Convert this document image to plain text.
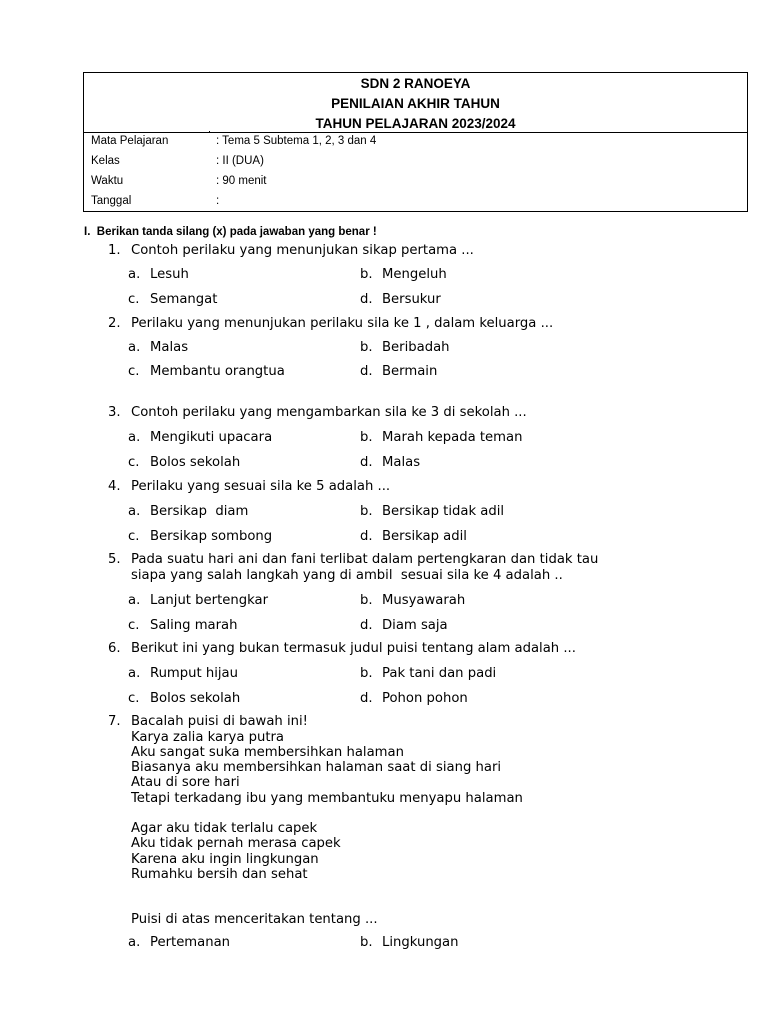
SDN 2 RANOEYA
PENILAIAN AKHIR TAHUN
TAHUN PELAJARAN 2023/2024
Mata Pelajaran	: Tema 5 Subtema 1, 2, 3 dan 4
Kelas	: II (DUA)
Waktu	: 90 menit
Tanggal	:
I. Berikan tanda silang (x) pada jawaban yang benar !
1. Contoh perilaku yang menunjukan sikap pertama ...
a. Lesuh	b. Mengeluh
c. Semangat	d. Bersukur
2. Perilaku yang menunjukan perilaku sila ke 1 , dalam keluarga ...
a. Malas	b. Beribadah
c. Membantu orangtua	d. Bermain
3. Contoh perilaku yang mengambarkan sila ke 3 di sekolah ...
a. Mengikuti upacara	b. Marah kepada teman
c. Bolos sekolah	d. Malas
4. Perilaku yang sesuai sila ke 5 adalah ...
a. Bersikap  diam	b. Bersikap tidak adil
c. Bersikap sombong	d. Bersikap adil
5. Pada suatu hari ani dan fani terlibat dalam pertengkaran dan tidak tau
siapa yang salah langkah yang di ambil  sesuai sila ke 4 adalah ..
a. Lanjut bertengkar	b. Musyawarah
c. Saling marah	d. Diam saja
6. Berikut ini yang bukan termasuk judul puisi tentang alam adalah ...
a. Rumput hijau	b. Pak tani dan padi
c. Bolos sekolah	d. Pohon pohon
7. Bacalah puisi di bawah ini!
Karya zalia karya putra
Aku sangat suka membersihkan halaman
Biasanya aku membersihkan halaman saat di siang hari
Atau di sore hari
Tetapi terkadang ibu yang membantuku menyapu halaman
Agar aku tidak terlalu capek
Aku tidak pernah merasa capek
Karena aku ingin lingkungan
Rumahku bersih dan sehat
Puisi di atas menceritakan tentang ...
a. Pertemanan	b. Lingkungan
